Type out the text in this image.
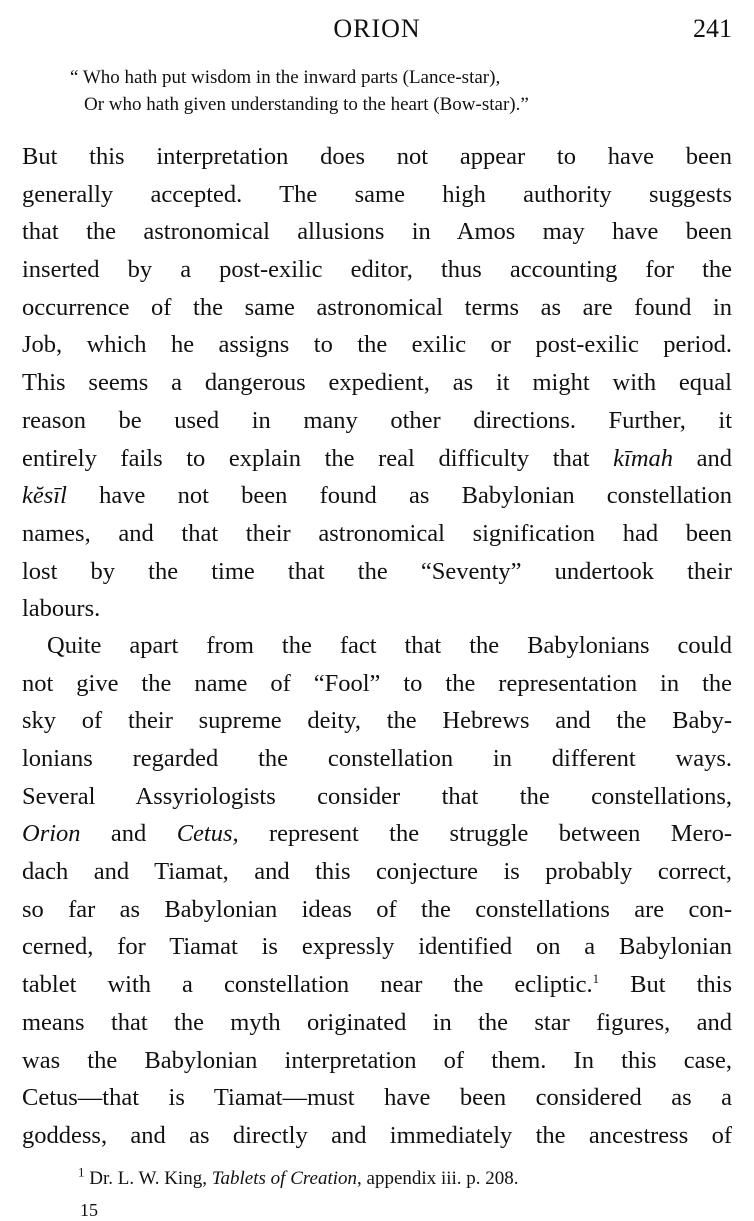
ORION	241
“ Who hath put wisdom in the inward parts (Lance-star),
Or who hath given understanding to the heart (Bow-star).”
But this interpretation does not appear to have been
generally accepted. The same high authority suggests
that the astronomical allusions in Amos may have been
inserted by a post-exilic editor, thus accounting for the
occurrence of the same astronomical terms as are found in
Job, which he assigns to the exilic or post-exilic period.
This seems a dangerous expedient, as it might with equal
reason be used in many other directions. Further, it
entirely fails to explain the real difficulty that kīmah and
kĕsīl have not been found as Babylonian constellation
names, and that their astronomical signification had been
lost by the time that the “Seventy” undertook their
labours.
Quite apart from the fact that the Babylonians could
not give the name of “Fool” to the representation in the
sky of their supreme deity, the Hebrews and the Baby-
lonians regarded the constellation in different ways.
Several Assyriologists consider that the constellations,
Orion and Cetus, represent the struggle between Mero-
dach and Tiamat, and this conjecture is probably correct,
so far as Babylonian ideas of the constellations are con-
cerned, for Tiamat is expressly identified on a Babylonian
tablet with a constellation near the ecliptic.$^1$ But this
means that the myth originated in the star figures, and
was the Babylonian interpretation of them. In this case,
Cetus—that is Tiamat—must have been considered as a
goddess, and as directly and immediately the ancestress of
$^1$ Dr. L. W. King, Tablets of Creation, appendix iii. p. 208.
15
